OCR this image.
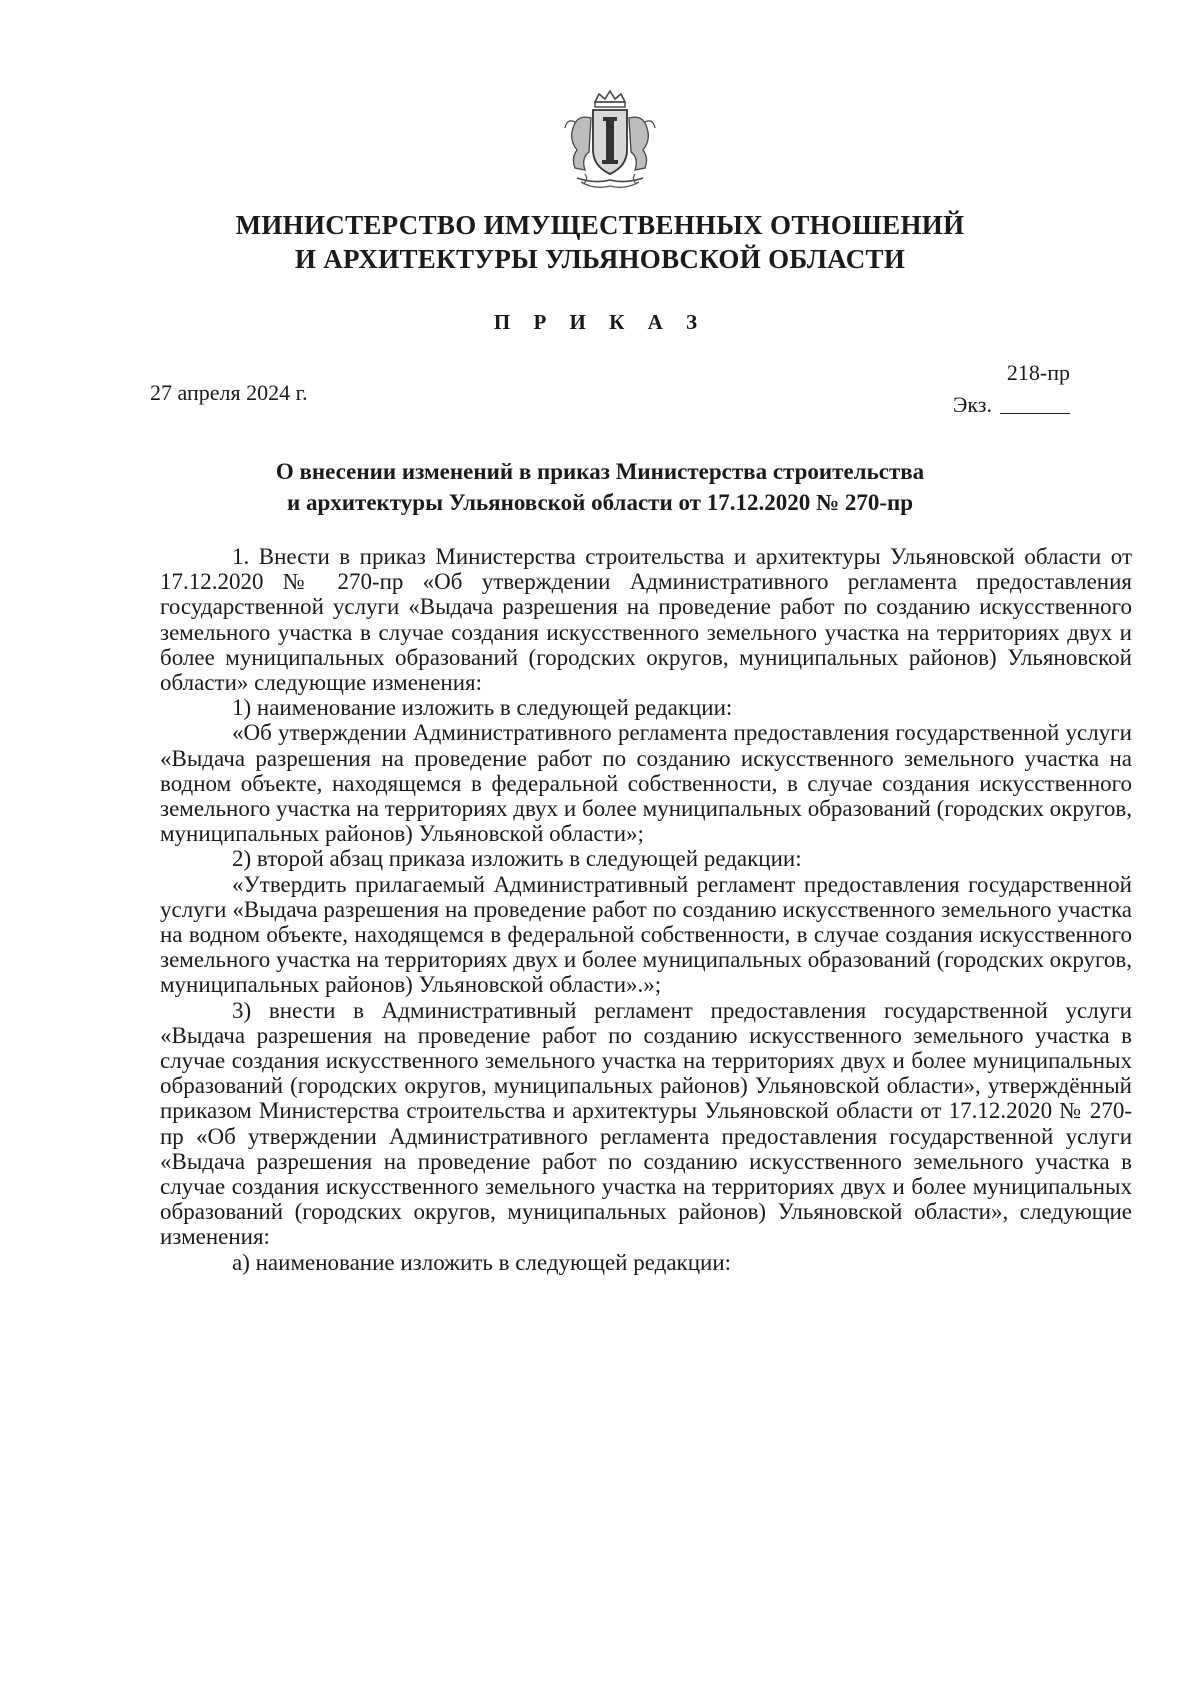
МИНИСТЕРСТВО ИМУЩЕСТВЕННЫХ ОТНОШЕНИЙ
И АРХИТЕКТУРЫ УЛЬЯНОВСКОЙ ОБЛАСТИ
П Р И К А З
27 апреля 2024 г.
218-пр
Экз.
О внесении изменений в приказ Министерства строительства
и архитектуры Ульяновской области от 17.12.2020 № 270-пр

1. Внести в приказ Министерства строительства и архитектуры Ульяновской области от 17.12.2020 № 270-пр «Об утверждении Административного регламента предоставления государственной услуги «Выдача разрешения на проведение работ по созданию искусственного земельного участка в случае создания искусственного земельного участка на территориях двух и более муниципальных образований (городских округов, муниципальных районов) Ульяновской области» следующие изменения:

1) наименование изложить в следующей редакции:

«Об утверждении Административного регламента предоставления государственной услуги «Выдача разрешения на проведение работ по созданию искусственного земельного участка на водном объекте, находящемся в федеральной собственности, в случае создания искусственного земельного участка на территориях двух и более муниципальных образований (городских округов, муниципальных районов) Ульяновской области»;

2) второй абзац приказа изложить в следующей редакции:

«Утвердить прилагаемый Административный регламент предоставления государственной услуги «Выдача разрешения на проведение работ по созданию искусственного земельного участка на водном объекте, находящемся в федеральной собственности, в случае создания искусственного земельного участка на территориях двух и более муниципальных образований (городских округов, муниципальных районов) Ульяновской области».»;

3) внести в Административный регламент предоставления государственной услуги «Выдача разрешения на проведение работ по созданию искусственного земельного участка в случае создания искусственного земельного участка на территориях двух и более муниципальных образований (городских округов, муниципальных районов) Ульяновской области», утверждённый приказом Министерства строительства и архитектуры Ульяновской области от 17.12.2020 № 270-пр «Об утверждении Административного регламента предоставления государственной услуги «Выдача разрешения на проведение работ по созданию искусственного земельного участка в случае создания искусственного земельного участка на территориях двух и более муниципальных образований (городских округов, муниципальных районов) Ульяновской области», следующие изменения:

а) наименование изложить в следующей редакции:
